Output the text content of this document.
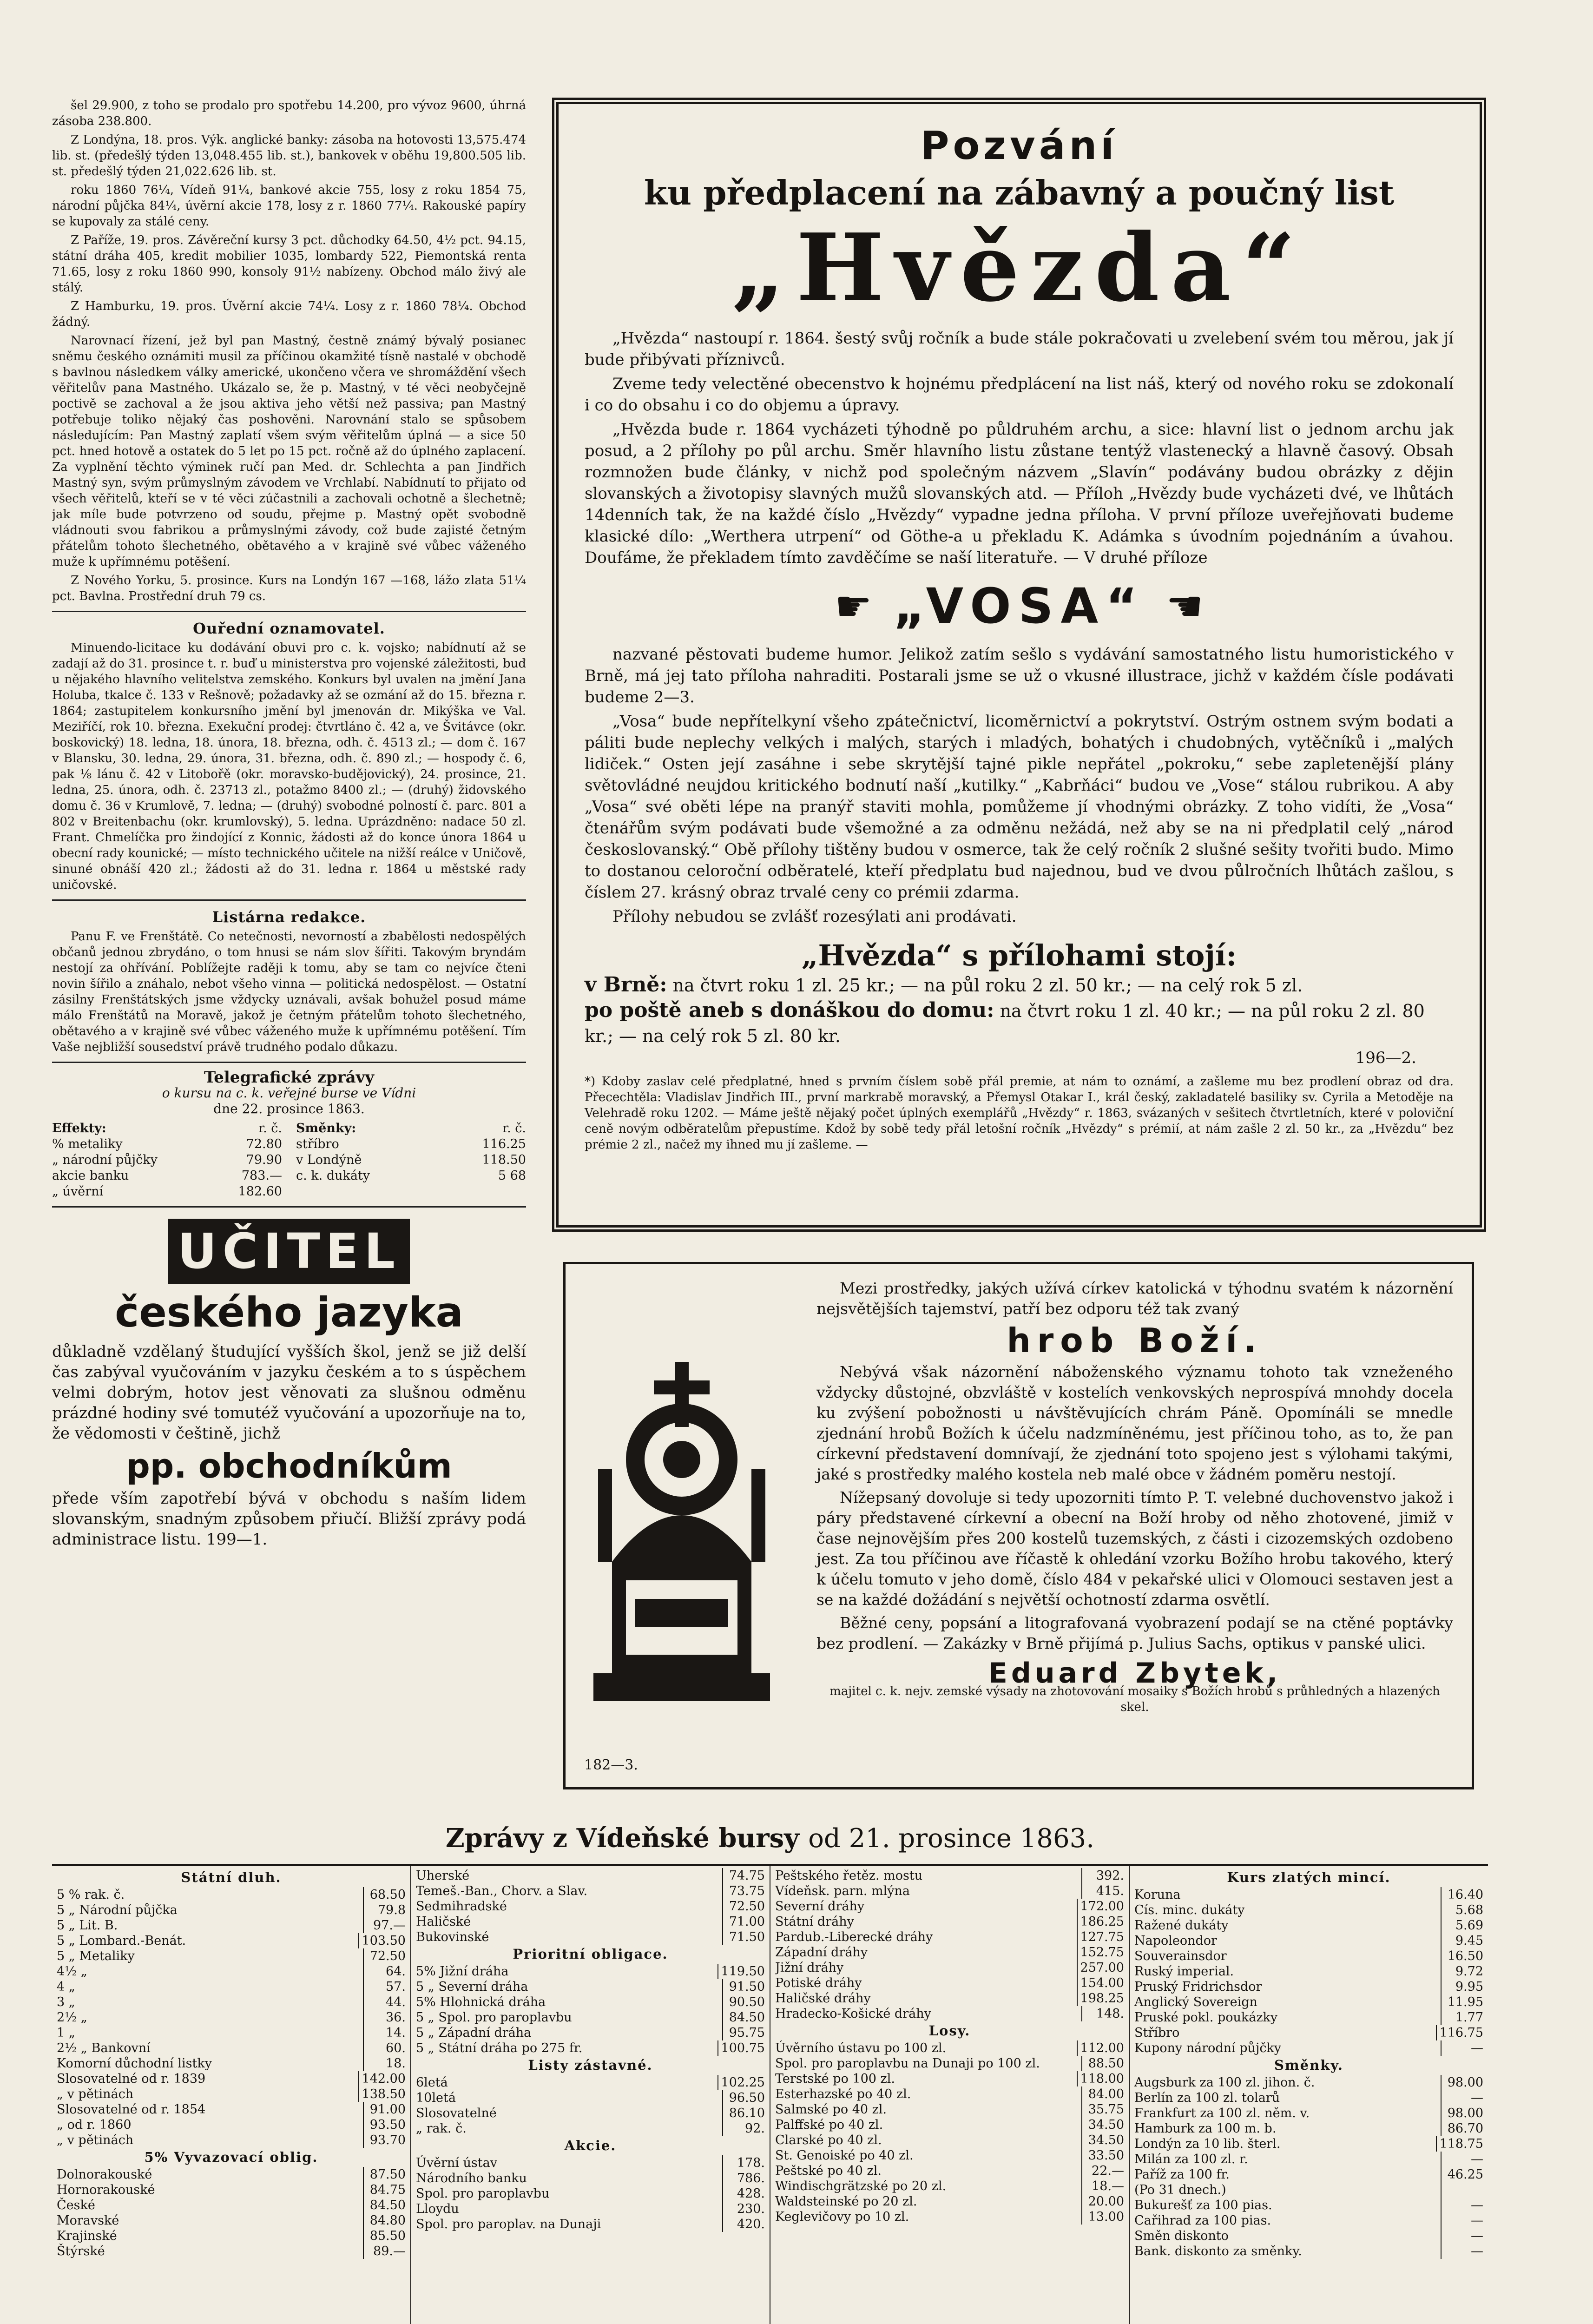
šel 29.900, z toho se prodalo pro spotřebu 14.200, pro vývoz 9600, úhrná zásoba 238.800.

Z Londýna, 18. pros. Výk. anglické banky: zásoba na hotovosti 13,575.474 lib. st. (předešlý týden 13,048.455 lib. st.), bankovek v oběhu 19,800.505 lib. st. předešlý týden 21,022.626 lib. st.

roku 1860 76¼, Vídeň 91¼, bankové akcie 755, losy z roku 1854 75, národní půjčka 84¼, úvěrní akcie 178, losy z r. 1860 77¼. Rakouské papíry se kupovaly za stálé ceny.

Z Paříže, 19. pros. Závěreční kursy 3 pct. důchodky 64.50, 4½ pct. 94.15, státní dráha 405, kredit mobilier 1035, lombardy 522, Piemontská renta 71.65, losy z roku 1860 990, konsoly 91½ nabízeny. Obchod málo živý ale stálý.

Z Hamburku, 19. pros. Úvěrní akcie 74¼. Losy z r. 1860 78¼. Obchod žádný.

Narovnací řízení, jež byl pan Mastný, čestně známý bývalý posianec sněmu českého oznámiti musil za příčinou okamžité tísně nastalé v obchodě s bavlnou následkem války americké, ukončeno včera ve shromáždění všech věřitelův pana Mastného. Ukázalo se, že p. Mastný, v té věci neobyčejně poctivě se zachoval a že jsou aktiva jeho větší než passiva; pan Mastný potřebuje toliko nějaký čas poshověni. Narovnání stalo se spůsobem následujícím: Pan Mastný zaplatí všem svým věřitelům úplná — a sice 50 pct. hned hotově a ostatek do 5 let po 15 pct. ročně až do úplného zaplacení. Za vyplnění těchto výminek ručí pan Med. dr. Schlechta a pan Jindřich Mastný syn, svým průmyslným závodem ve Vrchlabí. Nabídnutí to přijato od všech věřitelů, kteří se v té věci zúčastnili a zachovali ochotně a šlechetně; jak míle bude potvrzeno od soudu, přejme p. Mastný opět svobodně vládnouti svou fabrikou a průmyslnými závody, což bude zajisté četným přátelům tohoto šlechetného, obětavého a v krajině své vůbec váženého muže k upřímnému potěšení.

Z Nového Yorku, 5. prosince. Kurs na Londýn 167 —168, lážo zlata 51¼ pct. Bavlna. Prostřední druh 79 cs.

Ouřední oznamovatel.

Minuendo-licitace ku dodávání obuvi pro c. k. vojsko; nabídnutí až se zadají až do 31. prosince t. r. buď u ministerstva pro vojenské záležitosti, buď u nějakého hlavního velitelstva zemského. Konkurs byl uvalen na jmění Jana Holuba, tkalce č. 133 v Rešnově; požadavky až se ozmání až do 15. března r. 1864; zastupitelem konkursního jmění byl jmenován dr. Mikýška ve Val. Meziříčí, rok 10. března. Exekuční prodej: čtvrtláno č. 42 a, ve Švitávce (okr. boskovický) 18. ledna, 18. února, 18. března, odh. č. 4513 zl.; — dom č. 167 v Blansku, 30. ledna, 29. února, 31. března, odh. č. 890 zl.; — hospody č. 6, pak ⅛ lánu č. 42 v Litobořě (okr. moravsko-budějovický), 24. prosince, 21. ledna, 25. února, odh. č. 23713 zl., potažmo 8400 zl.; — (druhý) židovského domu č. 36 v Krumlově, 7. ledna; — (druhý) svobodné polností č. parc. 801 a 802 v Breitenbachu (okr. krumlovský), 5. ledna. Uprázdněno: nadace 50 zl. Frant. Chmelíčka pro žindojící z Konnic, žádosti až do konce února 1864 u obecní rady kounické; — místo technického učitele na nižší reálce v Uničově, sinuné obnáší 420 zl.; žádosti až do 31. ledna r. 1864 u městské rady uničovské.

Listárna redakce.

Panu F. ve Frenštátě. Co netečnosti, nevorností a zbabělosti nedospělých občanů jednou zbrydáno, o tom hnusi se nám slov šířiti. Takovým bryndám nestojí za ohřívání. Poblížejte raději k tomu, aby se tam co nejvíce čteni novin šířilo a znáhalo, nebot všeho vinna — politická nedospělost. — Ostatní zásilny Frenštátských jsme vždycky uznávali, avšak bohužel posud máme málo Frenštátů na Moravě, jakož je četným přátelům tohoto šlechetného, obětavého a v krajině své vůbec váženého muže k upřímnému potěšení. Tím Vaše nejbližší sousedství právě trudného podalo důkazu.

Telegrafické zprávy
o kursu na c. k. veřejné burse ve Vídni
dne 22. prosince 1863.
Effekty:	r. č.
% metaliky	72.80
„ národní půjčky	79.90
akcie banku	783.—
„ úvěrní	182.60
Směnky:	r. č.
stříbro	116.25
v Londýně	118.50
c. k. dukáty	5 68
UČITEL
českého jazyka
důkladně vzdělaný študující vyšších škol, jenž se již delší čas zabýval vyučováním v jazyku českém a to s úspěchem velmi dobrým, hotov jest věnovati za slušnou odměnu prázdné hodiny své tomutéž vyučování a upozorňuje na to, že vědomosti v češtině, jichž
pp. obchodníkům
přede vším zapotřebí bývá v obchodu s naším lidem slovanským, snadným způsobem přiučí. Bližší zprávy podá administrace listu. 199—1.
Pozvání
ku předplacení na zábavný a poučný list
„Hvězda“

„Hvězda“ nastoupí r. 1864. šestý svůj ročník a bude stále pokračovati u zvelebení svém tou měrou, jak jí bude přibývati příznivců.

Zveme tedy velectěné obecenstvo k hojnému předplácení na list náš, který od nového roku se zdokonalí i co do obsahu i co do objemu a úpravy.

„Hvězda bude r. 1864 vycházeti týhodně po půldruhém archu, a sice: hlavní list o jednom archu jak posud, a 2 přílohy po půl archu. Směr hlavního listu zůstane tentýž vlastenecký a hlavně časový. Obsah rozmnožen bude články, v nichž pod společným názvem „Slavín“ podávány budou obrázky z dějin slovanských a životopisy slavných mužů slovanských atd. — Příloh „Hvězdy bude vycházeti dvé, ve lhůtách 14denních tak, že na každé číslo „Hvězdy“ vypadne jedna příloha. V první příloze uveřejňovati budeme klasické dílo: „Werthera utrpení“ od Göthe-a u překladu K. Adámka s úvodním pojednáním a úvahou. Doufáme, že překladem tímto zavděčíme se naší literatuře. — V druhé příloze

☛ „VOSA“ ☛

nazvané pěstovati budeme humor. Jelikož zatím sešlo s vydávání samostatného listu humoristického v Brně, má jej tato příloha nahraditi. Postarali jsme se už o vkusné illustrace, jichž v každém čísle podávati budeme 2—3.

„Vosa“ bude nepřítelkyní všeho zpátečnictví, licoměrnictví a pokrytství. Ostrým ostnem svým bodati a páliti bude neplechy velkých i malých, starých i mladých, bohatých i chudobných, vytěčníků i „malých lidiček.“ Osten její zasáhne i sebe skrytější tajné pikle nepřátel „pokroku,“ sebe zapletenější plány světovládné neujdou kritického bodnutí naší „kutilky.“ „Kabrňáci“ budou ve „Vose“ stálou rubrikou. A aby „Vosa“ své oběti lépe na pranýř staviti mohla, pomůžeme jí vhodnými obrázky. Z toho vidíti, že „Vosa“ čtenářům svým podávati bude všemožné a za odměnu nežádá, než aby se na ni předplatil celý „národ českoslovanský.“ Obě přílohy tištěny budou v osmerce, tak že celý ročník 2 slušné sešity tvořiti budo. Mimo to dostanou celoroční odběratelé, kteří předplatu bud najednou, bud ve dvou půlročních lhůtách zašlou, s číslem 27. krásný obraz trvalé ceny co prémii zdarma.

Přílohy nebudou se zvlášť rozesýlati ani prodávati.

„Hvězda“ s přílohami stojí:
v Brně: na čtvrt roku 1 zl. 25 kr.; — na půl roku 2 zl. 50 kr.; — na celý rok 5 zl.
po poště aneb s donáškou do domu: na čtvrt roku 1 zl. 40 kr.; — na půl roku 2 zl. 80 kr.; — na celý rok 5 zl. 80 kr.
196—2.
*) Kdoby zaslav celé předplatné, hned s prvním číslem sobě přál premie, at nám to oznámí, a zašleme mu bez prodlení obraz od dra. Přecechtěla: Vladislav Jindřich III., první markrabě moravský, a Přemysl Otakar I., král český, zakladatelé basiliky sv. Cyrila a Metoděje na Velehradě roku 1202. — Máme ještě nějaký počet úplných exemplářů „Hvězdy“ r. 1863, svázaných v sešitech čtvrtletních, které v poloviční ceně novým odběratelům přepustíme. Kdož by sobě tedy přál letošní ročník „Hvězdy“ s prémií, at nám zašle 2 zl. 50 kr., za „Hvězdu“ bez prémie 2 zl., načež my ihned mu jí zašleme. —

Mezi prostředky, jakých užívá církev katolická v týhodnu svatém k názornění nejsvětějších tajemství, patří bez odporu též tak zvaný

hrob Boží.

Nebývá však názornění náboženského významu tohoto tak vzneženého vždycky důstojné, obzvláště v kostelích venkovských neprospívá mnohdy docela ku zvýšení pobožnosti u návštěvujících chrám Páně. Opomínáli se mnedle zjednání hrobů Božích k účelu nadzmíněnému, jest příčinou toho, as to, že pan církevní představení domnívají, že zjednání toto spojeno jest s výlohami takými, jaké s prostředky malého kostela neb malé obce v žádném poměru nestojí.

Nížepsaný dovoluje si tedy upozorniti tímto P. T. velebné duchovenstvo jakož i páry představené církevní a obecní na Boží hroby od něho zhotovené, jimiž v čase nejnovějším přes 200 kostelů tuzemských, z části i cizozemských ozdobeno jest. Za tou příčinou ave říčastě k ohledání vzorku Božího hrobu takového, který k účelu tomuto v jeho domě, číslo 484 v pekařské ulici v Olomouci sestaven jest a se na každé dožádání s největší ochotností zdarma osvětlí.

Běžné ceny, popsání a litografovaná vyobrazení podají se na ctěné poptávky bez prodlení. — Zakázky v Brně přijímá p. Julius Sachs, optikus v panské ulici.

Eduard Zbytek,
majitel c. k. nejv. zemské výsady na zhotovování mosaiky s Božích hrobů s průhledných a hlazených skel.
182—3.
Zprávy z Vídeňské bursy od 21. prosince 1863.
Státní dluh.
5 % rak. č.	68.50
5 „ Národní půjčka	79.8
5 „ Lit. B.	97.—
5 „ Lombard.-Benát.	103.50
5 „ Metaliky	72.50
4½ „	64.
4 „	57.
3 „	44.
2½ „	36.
1 „	14.
2½ „ Bankovní	60.
Komorní důchodní listky	18.
Slosovatelné od r. 1839	142.00
„ v pětinách	138.50
Slosovatelné od r. 1854	91.00
„ od r. 1860	93.50
„ v pětinách	93.70
5% Vyvazovací oblig.
Dolnorakouské	87.50
Hornorakouské	84.75
České	84.50
Moravské	84.80
Krajinské	85.50
Štýrské	89.—
Uherské	74.75
Temeš.-Ban., Chorv. a Slav.	73.75
Sedmihradské	72.50
Haličské	71.00
Bukovinské	71.50
Prioritní obligace.
5% Jižní dráha	119.50
5 „ Severní dráha	91.50
5% Hlohnická dráha	90.50
5 „ Spol. pro paroplavbu	84.50
5 „ Západní dráha	95.75
5 „ Státní dráha po 275 fr.	100.75
Listy zástavné.
6letá	102.25
10letá	96.50
Slosovatelné	86.10
„ rak. č.	92.
Akcie.
Úvěrní ústav	178.
Národního banku	786.
Spol. pro paroplavbu	428.
Lloydu	230.
Spol. pro paroplav. na Dunaji	420.
Peštského řetěz. mostu	392.
Vídeňsk. parn. mlýna	415.
Severní dráhy	172.00
Státní dráhy	186.25
Pardub.-Liberecké dráhy	127.75
Západní dráhy	152.75
Jižní dráhy	257.00
Potiské dráhy	154.00
Haličské dráhy	198.25
Hradecko-Košické dráhy	148.
Losy.
Úvěrního ústavu po 100 zl.	112.00
Spol. pro paroplavbu na Dunaji po 100 zl.	88.50
Terstské po 100 zl.	118.00
Esterhazské po 40 zl.	84.00
Salmské po 40 zl.	35.75
Palffské po 40 zl.	34.50
Clarské po 40 zl.	34.50
St. Genoiské po 40 zl.	33.50
Peštské po 40 zl.	22.—
Windischgrätzské po 20 zl.	18.—
Waldsteinské po 20 zl.	20.00
Keglevičovy po 10 zl.	13.00
Kurs zlatých mincí.
Koruna	16.40
Cís. minc. dukáty	5.68
Ražené dukáty	5.69
Napoleondor	9.45
Souverainsdor	16.50
Ruský imperial.	9.72
Pruský Fridrichsdor	9.95
Anglický Sovereign	11.95
Pruské pokl. poukázky	1.77
Stříbro	116.75
Kupony národní půjčky	—
Směnky.
Augsburk za 100 zl. jihon. č.	98.00
Berlín za 100 zl. tolarů	—
Frankfurt za 100 zl. něm. v.	98.00
Hamburk za 100 m. b.	86.70
Londýn za 10 lib. šterl.	118.75
Milán za 100 zl. r.	—
Paříž za 100 fr.	46.25
(Po 31 dnech.)
Bukurešť za 100 pias.	—
Cařihrad za 100 pias.	—
Směn diskonto	—
Bank. diskonto za směnky.	—
